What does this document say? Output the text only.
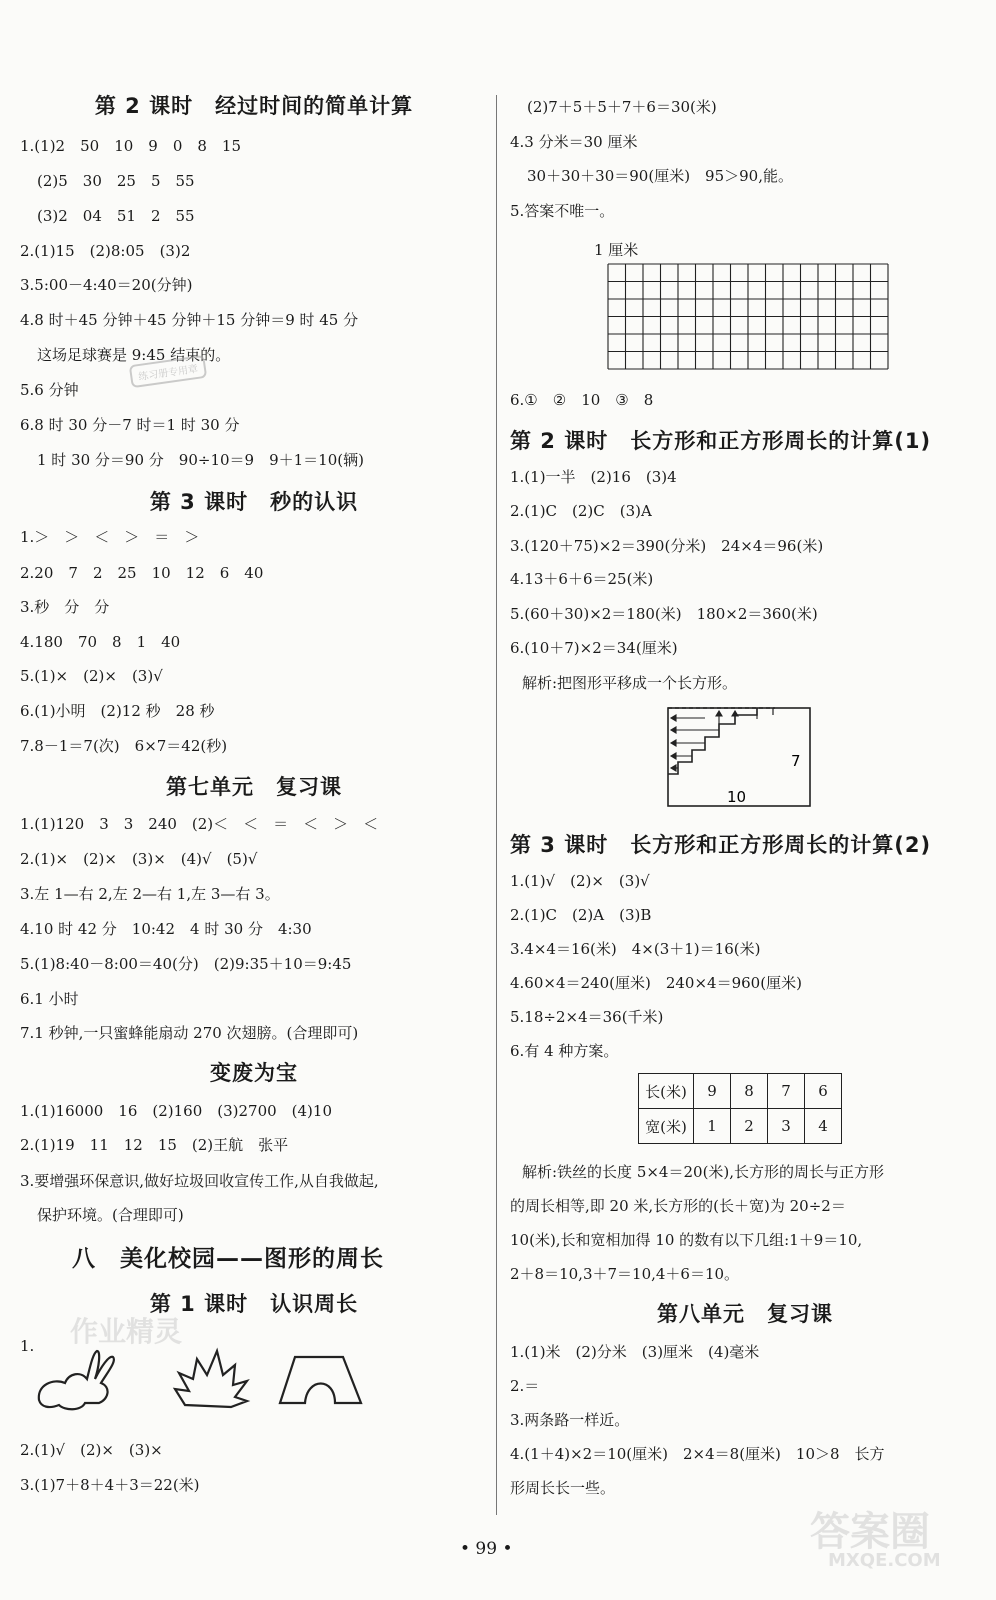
第 2 课时　经过时间的简单计算
1.(1)2　50　10　9　0　8　15
(2)5　30　25　5　55
(3)2　04　51　2　55
2.(1)15　(2)8:05　(3)2
3.5:00－4:40＝20(分钟)
4.8 时＋45 分钟＋45 分钟＋15 分钟＝9 时 45 分
这场足球赛是 9:45 结束的。
5.6 分钟
6.8 时 30 分－7 时＝1 时 30 分
1 时 30 分＝90 分　90÷10＝9　9＋1＝10(辆)
第 3 课时　秒的认识
1.＞　＞　＜　＞　＝　＞
2.20　7　2　25　10　12　6　40
3.秒　分　分
4.180　70　8　1　40
5.(1)×　(2)×　(3)√
6.(1)小明　(2)12 秒　28 秒
7.8－1＝7(次)　6×7＝42(秒)
第七单元　复习课
1.(1)120　3　3　240　(2)＜　＜　＝　＜　＞　＜
2.(1)×　(2)×　(3)×　(4)√　(5)√
3.左 1—右 2,左 2—右 1,左 3—右 3。
4.10 时 42 分　10:42　4 时 30 分　4:30
5.(1)8:40－8:00＝40(分)　(2)9:35＋10＝9:45
6.1 小时
7.1 秒钟,一只蜜蜂能扇动 270 次翅膀。(合理即可)
变废为宝
1.(1)16000　16　(2)160　(3)2700　(4)10
2.(1)19　11　12　15　(2)王航　张平
3.要增强环保意识,做好垃圾回收宣传工作,从自我做起,
保护环境。(合理即可)
八　美化校园——图形的周长
第 1 课时　认识周长
1.
2.(1)√　(2)×　(3)×
3.(1)7＋8＋4＋3＝22(米)
练习册专用章
作业精灵
(2)7＋5＋5＋7＋6＝30(米)
4.3 分米＝30 厘米
30＋30＋30＝90(厘米)　95＞90,能。
5.答案不唯一。
1 厘米
6.①　②　10　③　8
第 2 课时　长方形和正方形周长的计算(1)
1.(1)一半　(2)16　(3)4
2.(1)C　(2)C　(3)A
3.(120＋75)×2＝390(分米)　24×4＝96(米)
4.13＋6＋6＝25(米)
5.(60＋30)×2＝180(米)　180×2＝360(米)
6.(10＋7)×2＝34(厘米)
解析:把图形平移成一个长方形。
7
10
第 3 课时　长方形和正方形周长的计算(2)
1.(1)√　(2)×　(3)√
2.(1)C　(2)A　(3)B
3.4×4＝16(米)　4×(3＋1)＝16(米)
4.60×4＝240(厘米)　240×4＝960(厘米)
5.18÷2×4＝36(千米)
6.有 4 种方案。
长(米)	9	8	7	6
宽(米)	1	2	3	4
解析:铁丝的长度 5×4＝20(米),长方形的周长与正方形
的周长相等,即 20 米,长方形的(长＋宽)为 20÷2＝
10(米),长和宽相加得 10 的数有以下几组:1＋9＝10,
2＋8＝10,3＋7＝10,4＋6＝10。
第八单元　复习课
1.(1)米　(2)分米　(3)厘米　(4)毫米
2.＝
3.两条路一样近。
4.(1＋4)×2＝10(厘米)　2×4＝8(厘米)　10＞8　长方
形周长长一些。
答案圈
MXQE.COM
• 99 •
